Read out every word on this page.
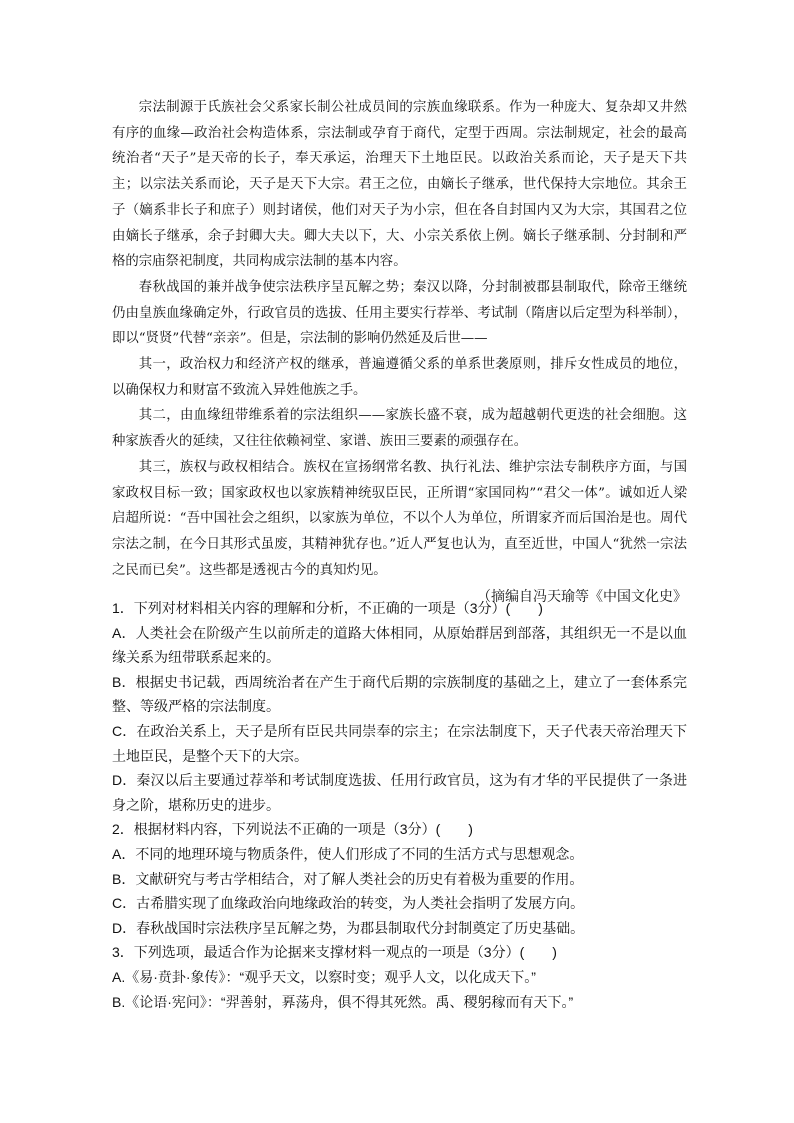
宗法制源于氏族社会父系家长制公社成员间的宗族血缘联系。作为一种庞大、复杂却又井然有序的血缘—政治社会构造体系，宗法制或孕育于商代，定型于西周。宗法制规定，社会的最高统治者“天子”是天帝的长子，奉天承运，治理天下土地臣民。以政治关系而论，天子是天下共主；以宗法关系而论，天子是天下大宗。君王之位，由嫡长子继承，世代保持大宗地位。其余王子（嫡系非长子和庶子）则封诸侯，他们对天子为小宗，但在各自封国内又为大宗，其国君之位由嫡长子继承，余子封卿大夫。卿大夫以下，大、小宗关系依上例。嫡长子继承制、分封制和严格的宗庙祭祀制度，共同构成宗法制的基本内容。

春秋战国的兼并战争使宗法秩序呈瓦解之势；秦汉以降，分封制被郡县制取代，除帝王继统仍由皇族血缘确定外，行政官员的选拔、任用主要实行荐举、考试制（隋唐以后定型为科举制），即以“贤贤”代替“亲亲”。但是，宗法制的影响仍然延及后世——

其一，政治权力和经济产权的继承，普遍遵循父系的单系世袭原则，排斥女性成员的地位，以确保权力和财富不致流入异姓他族之手。

其二，由血缘纽带维系着的宗法组织——家族长盛不衰，成为超越朝代更迭的社会细胞。这种家族香火的延续，又往往依赖祠堂、家谱、族田三要素的顽强存在。

其三，族权与政权相结合。族权在宣扬纲常名教、执行礼法、维护宗法专制秩序方面，与国家政权目标一致；国家政权也以家族精神统驭臣民，正所谓“家国同构”“君父一体”。诚如近人梁启超所说：“吾中国社会之组织，以家族为单位，不以个人为单位，所谓家齐而后国治是也。周代宗法之制，在今日其形式虽废，其精神犹存也。”近人严复也认为，直至近世，中国人“犹然一宗法之民而已矣”。这些都是透视古今的真知灼见。

（摘编自冯天瑜等《中国文化史》

1．下列对材料相关内容的理解和分析，不正确的一项是（3分）(　　)

A．人类社会在阶级产生以前所走的道路大体相同，从原始群居到部落，其组织无一不是以血缘关系为纽带联系起来的。

B．根据史书记载，西周统治者在产生于商代后期的宗族制度的基础之上，建立了一套体系完整、等级严格的宗法制度。

C．在政治关系上，天子是所有臣民共同崇奉的宗主；在宗法制度下，天子代表天帝治理天下土地臣民，是整个天下的大宗。

D．秦汉以后主要通过荐举和考试制度选拔、任用行政官员，这为有才华的平民提供了一条进身之阶，堪称历史的进步。

2．根据材料内容，下列说法不正确的一项是（3分）(　　)

A．不同的地理环境与物质条件，使人们形成了不同的生活方式与思想观念。

B．文献研究与考古学相结合，对了解人类社会的历史有着极为重要的作用。

C．古希腊实现了血缘政治向地缘政治的转变，为人类社会指明了发展方向。

D．春秋战国时宗法秩序呈瓦解之势，为郡县制取代分封制奠定了历史基础。

3．下列选项，最适合作为论据来支撑材料一观点的一项是（3分）(　　)

A.《易·贲卦·象传》：“观乎天文，以察时变；观乎人文，以化成天下。”

B.《论语·宪问》：“羿善射，奡荡舟，俱不得其死然。禹、稷躬稼而有天下。”
